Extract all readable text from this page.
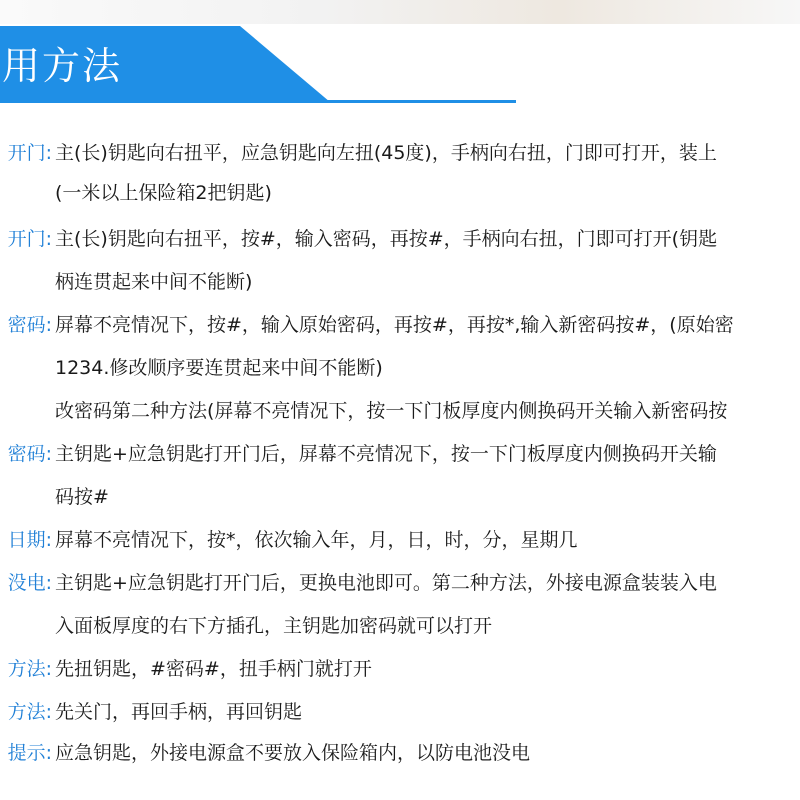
用方法
开门: 主(长)钥匙向右扭平，应急钥匙向左扭(45度)，手柄向右扭，门即可打开，装上
(一米以上保险箱2把钥匙)
开门: 主(长)钥匙向右扭平，按#，输入密码，再按#，手柄向右扭，门即可打开(钥匙
柄连贯起来中间不能断)
密码: 屏幕不亮情况下，按#，输入原始密码，再按#，再按*,输入新密码按#，(原始密
1234.修改顺序要连贯起来中间不能断)
改密码第二种方法(屏幕不亮情况下，按一下门板厚度内侧换码开关输入新密码按
密码: 主钥匙+应急钥匙打开门后，屏幕不亮情况下，按一下门板厚度内侧换码开关输
码按#
日期: 屏幕不亮情况下，按*，依次输入年，月，日，时，分，星期几
没电: 主钥匙+应急钥匙打开门后，更换电池即可。第二种方法，外接电源盒装装入电
入面板厚度的右下方插孔，主钥匙加密码就可以打开
方法: 先扭钥匙，#密码#，扭手柄门就打开
方法: 先关门，再回手柄，再回钥匙
提示: 应急钥匙，外接电源盒不要放入保险箱内，以防电池没电
